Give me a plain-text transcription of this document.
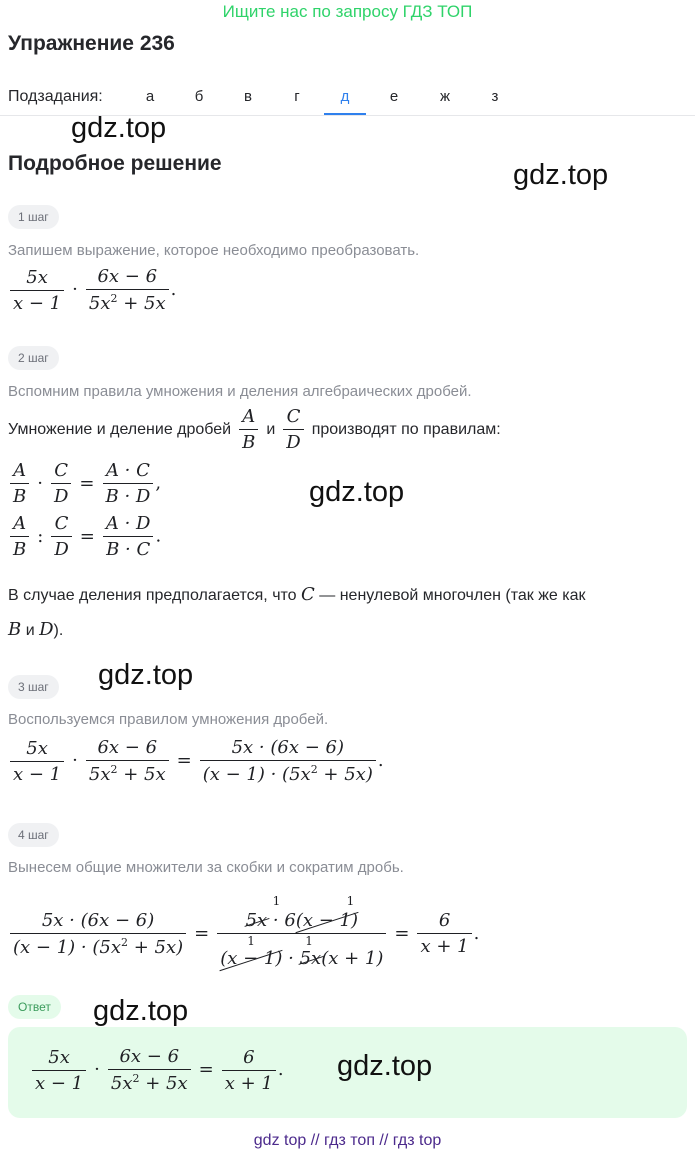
Ищите нас по запросу ГДЗ ТОП
Упражнение 236
Подзадания:	а	б	в	г	д	е	ж	з
gdz.top
Подробное решение	gdz.top
1 шаг
Запишем выражение, которое необходимо преобразовать.
$\frac{5x}{x - 1} \cdot \frac{6x - 6}{5x^2 + 5x}$ .
2 шаг
Вспомним правила умножения и деления алгебраических дробей.
Умножение и деление дробей $\frac{A}{B}$ и $\frac{C}{D}$ производят по правилам:
$\frac{A}{B} \cdot \frac{C}{D} = \frac{A \cdot C}{B \cdot D}$ ,	gdz.top
$\frac{A}{B}$ : $\frac{C}{D} = \frac{A \cdot D}{B \cdot C}$ .
В случае деления предполагается, что C — ненулевой многочлен (так же как
B и D).
gdz.top
3 шаг
Воспользуемся правилом умножения дробей.
$\frac{5x}{x - 1} \cdot \frac{6x - 6}{5x^2 + 5x} = \frac{5x \cdot (6x - 6)}{(x - 1) \cdot (5x^2 + 5x)}$ .
4 шаг
Вынесем общие множители за скобки и сократим дробь.
$\frac{5x \cdot (6x - 6)}{(x - 1) \cdot (5x^2 + 5x)} = 1$	1
5x · 6(x − 1)
1	1
$(x - 1) \cdot 5x(x + 1) = \frac{6}{x + 1}$ .
Ответ	gdz.top
$\frac{5x}{x - 1} \cdot \frac{6x - 6}{5x^2 + 5x} = \frac{6}{x + 1}$ . gdz.top
gdz top // гдз топ // гдз top
